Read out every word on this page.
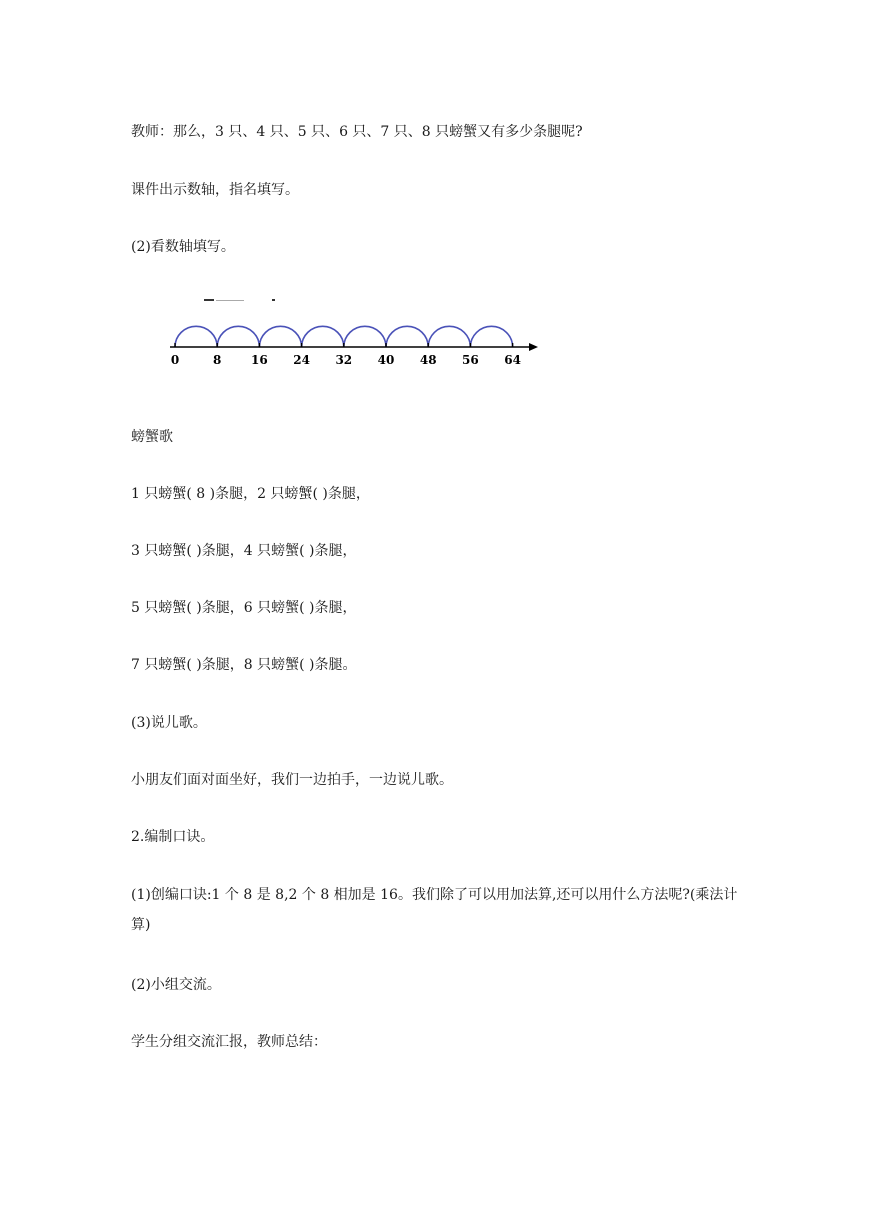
教师：那么，3 只、4 只、5 只、6 只、7 只、8 只螃蟹又有多少条腿呢?

课件出示数轴，指名填写。

(2)看数轴填写。

0	8 16 24 32 40 48 56 64

螃蟹歌

1 只螃蟹( 8 )条腿，2 只螃蟹( )条腿，

3 只螃蟹( )条腿，4 只螃蟹( )条腿，

5 只螃蟹( )条腿，6 只螃蟹( )条腿，

7 只螃蟹( )条腿，8 只螃蟹( )条腿。

(3)说儿歌。

小朋友们面对面坐好，我们一边拍手，一边说儿歌。

2.编制口诀。

(1)创编口诀:1 个 8 是 8,2 个 8 相加是 16。我们除了可以用加法算,还可以用什么方法呢?(乘法计算)

(2)小组交流。

学生分组交流汇报，教师总结：
